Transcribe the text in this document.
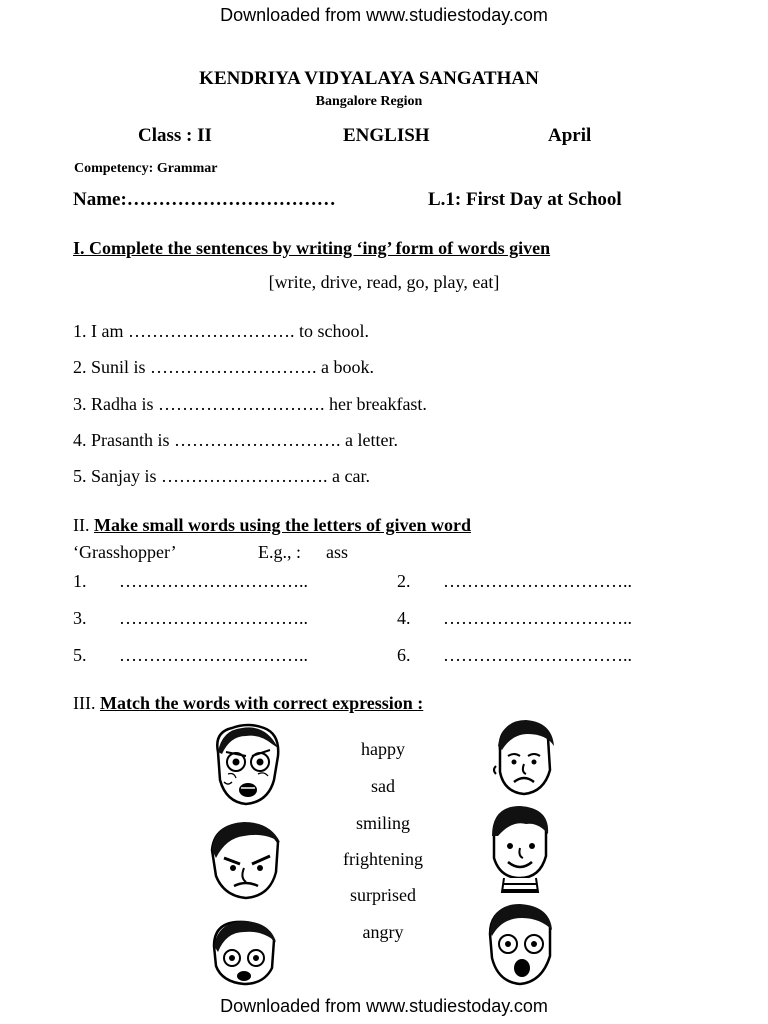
Downloaded from www.studiestoday.com
KENDRIYA VIDYALAYA SANGATHAN
Bangalore Region
Class : II	ENGLISH	April
Competency: Grammar
Name:……………………………	L.1: First Day at School
I. Complete the sentences by writing ‘ing’ form of words given
[write, drive, read, go, play, eat]
1. I am ………………………. to school.
2. Sunil is ………………………. a book.
3. Radha is ………………………. her breakfast.
4. Prasanth is ………………………. a letter.
5. Sanjay is ………………………. a car.
II. Make small words using the letters of given word
‘Grasshopper’	E.g., : ass
1. …………………………..	2. …………………………..
3. …………………………..	4. …………………………..
5. …………………………..	6. …………………………..
III. Match the words with correct expression :
happy
sad
smiling
frightening
surprised
angry
Downloaded from www.studiestoday.com
